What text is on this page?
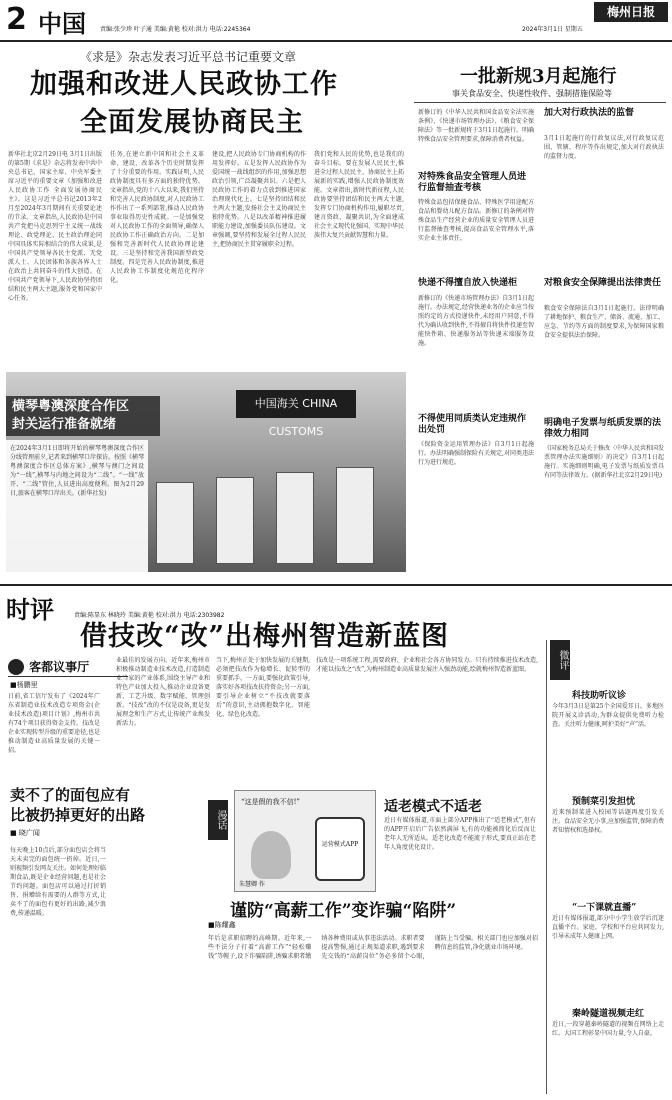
2 中国 责编:张少珍 叶子通 美编:黄艳 校对:洪力 电话:2245364	2024年3月1日 星期五
梅州日报
《求是》杂志发表习近平总书记重要文章
加强和改进人民政协工作
全面发展协商民主
新华社北京2月29日电 3月1日出版的第5期《求是》杂志将发表中共中央总书记、国家主席、中央军委主席习近平的重要文章《加强和改进人民政协工作 全面发展协商民主》。这是习近平总书记2013年2月至2024年3月期间有关重要论述的节录。文章指出,人民政协是中国共产党把马克思列宁主义统一战线理论、政党理论、民主政治理论同中国具体实际相结合的伟大成果,是中国共产党领导各民主党派、无党派人士、人民团体和各族各界人士在政治上共同奋斗的伟大创造。在中国共产党领导下,人民政协坚持团结和民主两大主题,服务党和国家中心任务。
任务,在建立新中国和社会主义革命、建设、改革各个历史时期发挥了十分重要的作用。实践证明,人民政协制度具有多方面的独特优势。文章指出,党的十八大以来,我们坚持和完善人民政协制度,对人民政协工作作出了一系列部署,推动人民政协事业取得历史性成就。一是加强党对人民政协工作的全面领导,确保人民政协工作正确政治方向。二是加强和完善新时代人民政协理论建设。三是坚持和完善我国新型政党制度。四是完善人民政协制度,推进人民政协工作制度化规范化程序化。
建设,把人民政协专门协商机构的作用发挥好。五是发挥人民政协作为爱国统一战线组织的作用,加强思想政治引领,广泛凝聚共识。六是把人民政协工作的着力点放到推进国家治理现代化上。七是坚持团结和民主两大主题,发扬社会主义协商民主独特优势。八是以改革精神推进履职能力建设,加强委员队伍建设。文章强调,要坚持和发展全过程人民民主,把协商民主贯穿履职全过程。
我们党和人民的优势,也是我们的奋斗目标。要在发展人民民主,推进全过程人民民主、协商民主上拓展新的实践,增强人民政协制度效能。文章指出,新时代新征程,人民政协要坚持团结和民主两大主题,发挥专门协商机构作用,履职尽责,建言资政、凝聚共识,为全面建成社会主义现代化强国、实现中华民族伟大复兴贡献智慧和力量。
中国海关 CHINA CUSTOMS
横琴粤澳深度合作区
封关运行准备就绪
在2024年3月1日即将开始的横琴粤澳深度合作区分线管理前夕,记者来到横琴口岸探访。按照《横琴粤澳深度合作区总体方案》,横琴与澳门之间设为“一线”,横琴与内地之间设为“二线”。“一线”放开、“二线”管住,人员进出高度便利。图为2月29日,旅客在横琴口岸出关。(新华社发)
一批新规3月起施行
事关食品安全、快递性收件、强制措施保险等
新修订的《中华人民共和国食品安全法实施条例》、《快递市场管理办法》、《粮食安全保障法》等一批新规将于3月1日起施行。明确特殊食品安全管理要求,保障消费者权益。
对特殊食品安全管理人员进行监督抽查考核
特殊食品包括保健食品、特殊医学用途配方食品和婴幼儿配方食品。新修订的条例对特殊食品生产经营企业的质量安全管理人员进行监督抽查考核,提高食品安全管理水平,落实企业主体责任。
快递不得擅自放入快递柜
新修订的《快递市场管理办法》自3月1日起施行。办法规定,经营快递业务的企业应当按照约定的方式投递快件,未经用户同意,不得代为确认收到快件,不得擅自将快件投递至智能快件箱、快递服务站等快递末端服务设施。
不得使用同质类认定违规作出处罚
《保险资金运用管理办法》自3月1日起施行。办法明确强制保险有关规定,对同类违法行为进行规范。
加大对行政执法的监督
3月1日起施行的行政复议法,对行政复议范围、管辖、程序等作出规定,加大对行政执法的监督力度。
对粮食安全保障提出法律责任
粮食安全保障法自3月1日起施行。法律明确了耕地保护、粮食生产、储备、流通、加工、应急、节约等方面的制度要求,为保障国家粮食安全提供法治保障。
明确电子发票与纸质发票的法律效力相同
《国家税务总局关于修改〈中华人民共和国发票管理办法实施细则〉的决定》自3月1日起施行。实施细则明确,电子发票与纸质发票具有同等法律效力。(据新华社北京2月29日电)
时评	责编:陈显东 林晓玲 美编:黄艳 校对:洪力 电话:2303982
借技改“改”出梅州智造新蓝图
客都议事厅
■杨鹏里
日前,省工信厅发布了《2024年广东省制造业技术改造专项资金(企业技术改造)项目计划》,梅州市共有74个项目获得资金支持。技改是企业实现转型升级的重要途径,也是推动制造业高质量发展的关键一招。
业最佳的发展方向。近年来,梅州市积极推动制造业技术改造,打造制造业当家的产业体系,围绕主导产业和特色产业加大投入,推动企业设备更新、工艺升级、数字赋能、管理创新。“技改”改的不仅是设备,更是发展理念和生产方式,让传统产业焕发新活力。
当下,梅州正处于加快发展的关键期,必须把技改作为稳增长、促转型的重要抓手。一方面,要强化政策引导,落实好各项技改扶持资金;另一方面,要引导企业树立“不技改就要落后”的意识,主动拥抱数字化、智能化、绿色化改造。
技改是一项系统工程,需要政府、企业和社会各方协同发力。只有持续推进技术改造,才能以技改之“改”,为梅州制造业高质量发展注入强劲动能,绘就梅州智造新蓝图。
卖不了的面包应有
比被扔掉更好的出路
■ 晓广闻
每天晚上10点后,部分面包店会将当天未卖完的面包统一扔掉。近日,一则视频引发网友关注。如何处理好临期食品,既是企业经营问题,也是社会节约问题。面包店可以通过打折销售、捐赠给有需要的人群等方式,让卖不了的面包有更好的出路,减少浪费,传递温暖。
“这是假的我不信!”
运营模式APP
朱慧卿 作
漫话
适老模式不适老
近日有媒体报道,市面上部分APP推出了“适老模式”,但有的APP开启后广告依然满屏飞,有的功能被简化后反而让老年人无所适从。适老化改造不能流于形式,要真正站在老年人角度优化设计。
谨防“高薪工作”变诈骗“陷阱”
■陈耀鑫
年后是求职招聘的高峰期。近年来,一些不法分子打着“高薪工作”“轻松赚钱”等幌子,设下诈骗陷阱,诱骗求职者缴纳各种费用或从事违法活动。求职者要提高警惕,通过正规渠道求职,遇到要求先交钱的“高薪岗位”务必多留个心眼,谨防上当受骗。相关部门也应加强对招聘信息的监管,净化就业市场环境。
微评
科技助听议诊
今年3月3日是第25个全国爱耳日。多地医院开展义诊活动,为群众提供免费听力检查。关注听力健康,呵护美好“声”活。
预制菜引发担忧
近来预制菜进入校园等话题再度引发关注。食品安全无小事,应加强监管,保障消费者知情权和选择权。
“一下课就直播”
近日有媒体报道,部分中小学生放学后沉迷直播平台。家庭、学校和平台应共同发力,引导未成年人健康上网。
秦岭隧道视频走红
近日,一段穿越秦岭隧道的视频在网络上走红。大国工程彰显中国力量,令人自豪。
